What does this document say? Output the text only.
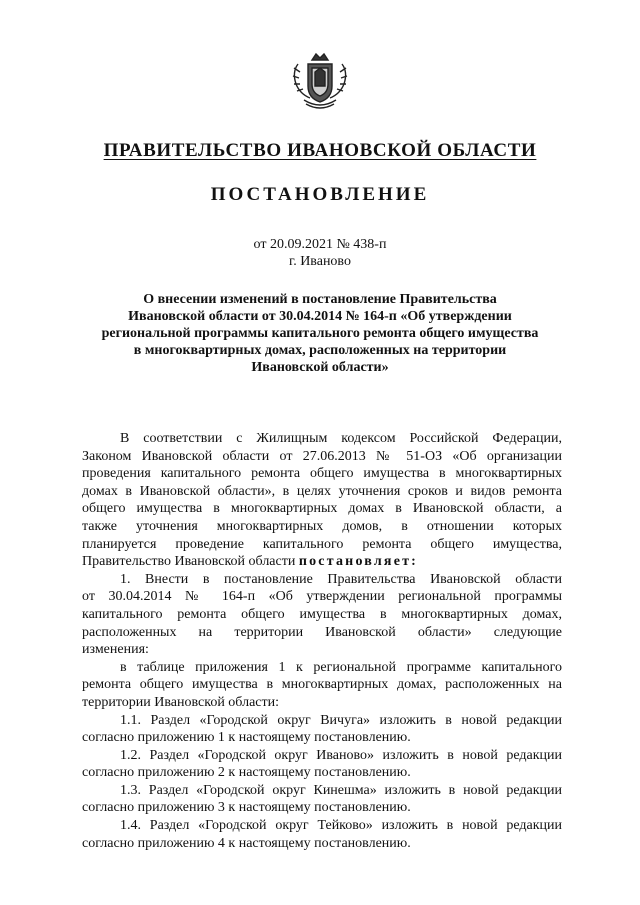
ПРАВИТЕЛЬСТВО ИВАНОВСКОЙ ОБЛАСТИ
ПОСТАНОВЛЕНИЕ
от 20.09.2021 № 438-п
г. Иваново
О внесении изменений в постановление Правительства
Ивановской области от 30.04.2014 № 164-п «Об утверждении
региональной программы капитального ремонта общего имущества
в многоквартирных домах, расположенных на территории
Ивановской области»
В соответствии с Жилищным кодексом Российской Федерации,
Законом Ивановской области от 27.06.2013 № 51-ОЗ «Об организации
проведения капитального ремонта общего имущества в многоквартирных
домах в Ивановской области», в целях уточнения сроков и видов ремонта
общего имущества в многоквартирных домах в Ивановской области, а
также уточнения многоквартирных домов, в отношении которых
планируется проведение капитального ремонта общего имущества,
Правительство Ивановской области постановляет:
1. Внести в постановление Правительства Ивановской области
от 30.04.2014 № 164-п «Об утверждении региональной программы
капитального ремонта общего имущества в многоквартирных домах,
расположенных на территории Ивановской области» следующие
изменения:
в таблице приложения 1 к региональной программе капитального
ремонта общего имущества в многоквартирных домах, расположенных на
территории Ивановской области:
1.1. Раздел «Городской округ Вичуга» изложить в новой редакции
согласно приложению 1 к настоящему постановлению.
1.2. Раздел «Городской округ Иваново» изложить в новой редакции
согласно приложению 2 к настоящему постановлению.
1.3. Раздел «Городской округ Кинешма» изложить в новой редакции
согласно приложению 3 к настоящему постановлению.
1.4. Раздел «Городской округ Тейково» изложить в новой редакции
согласно приложению 4 к настоящему постановлению.
